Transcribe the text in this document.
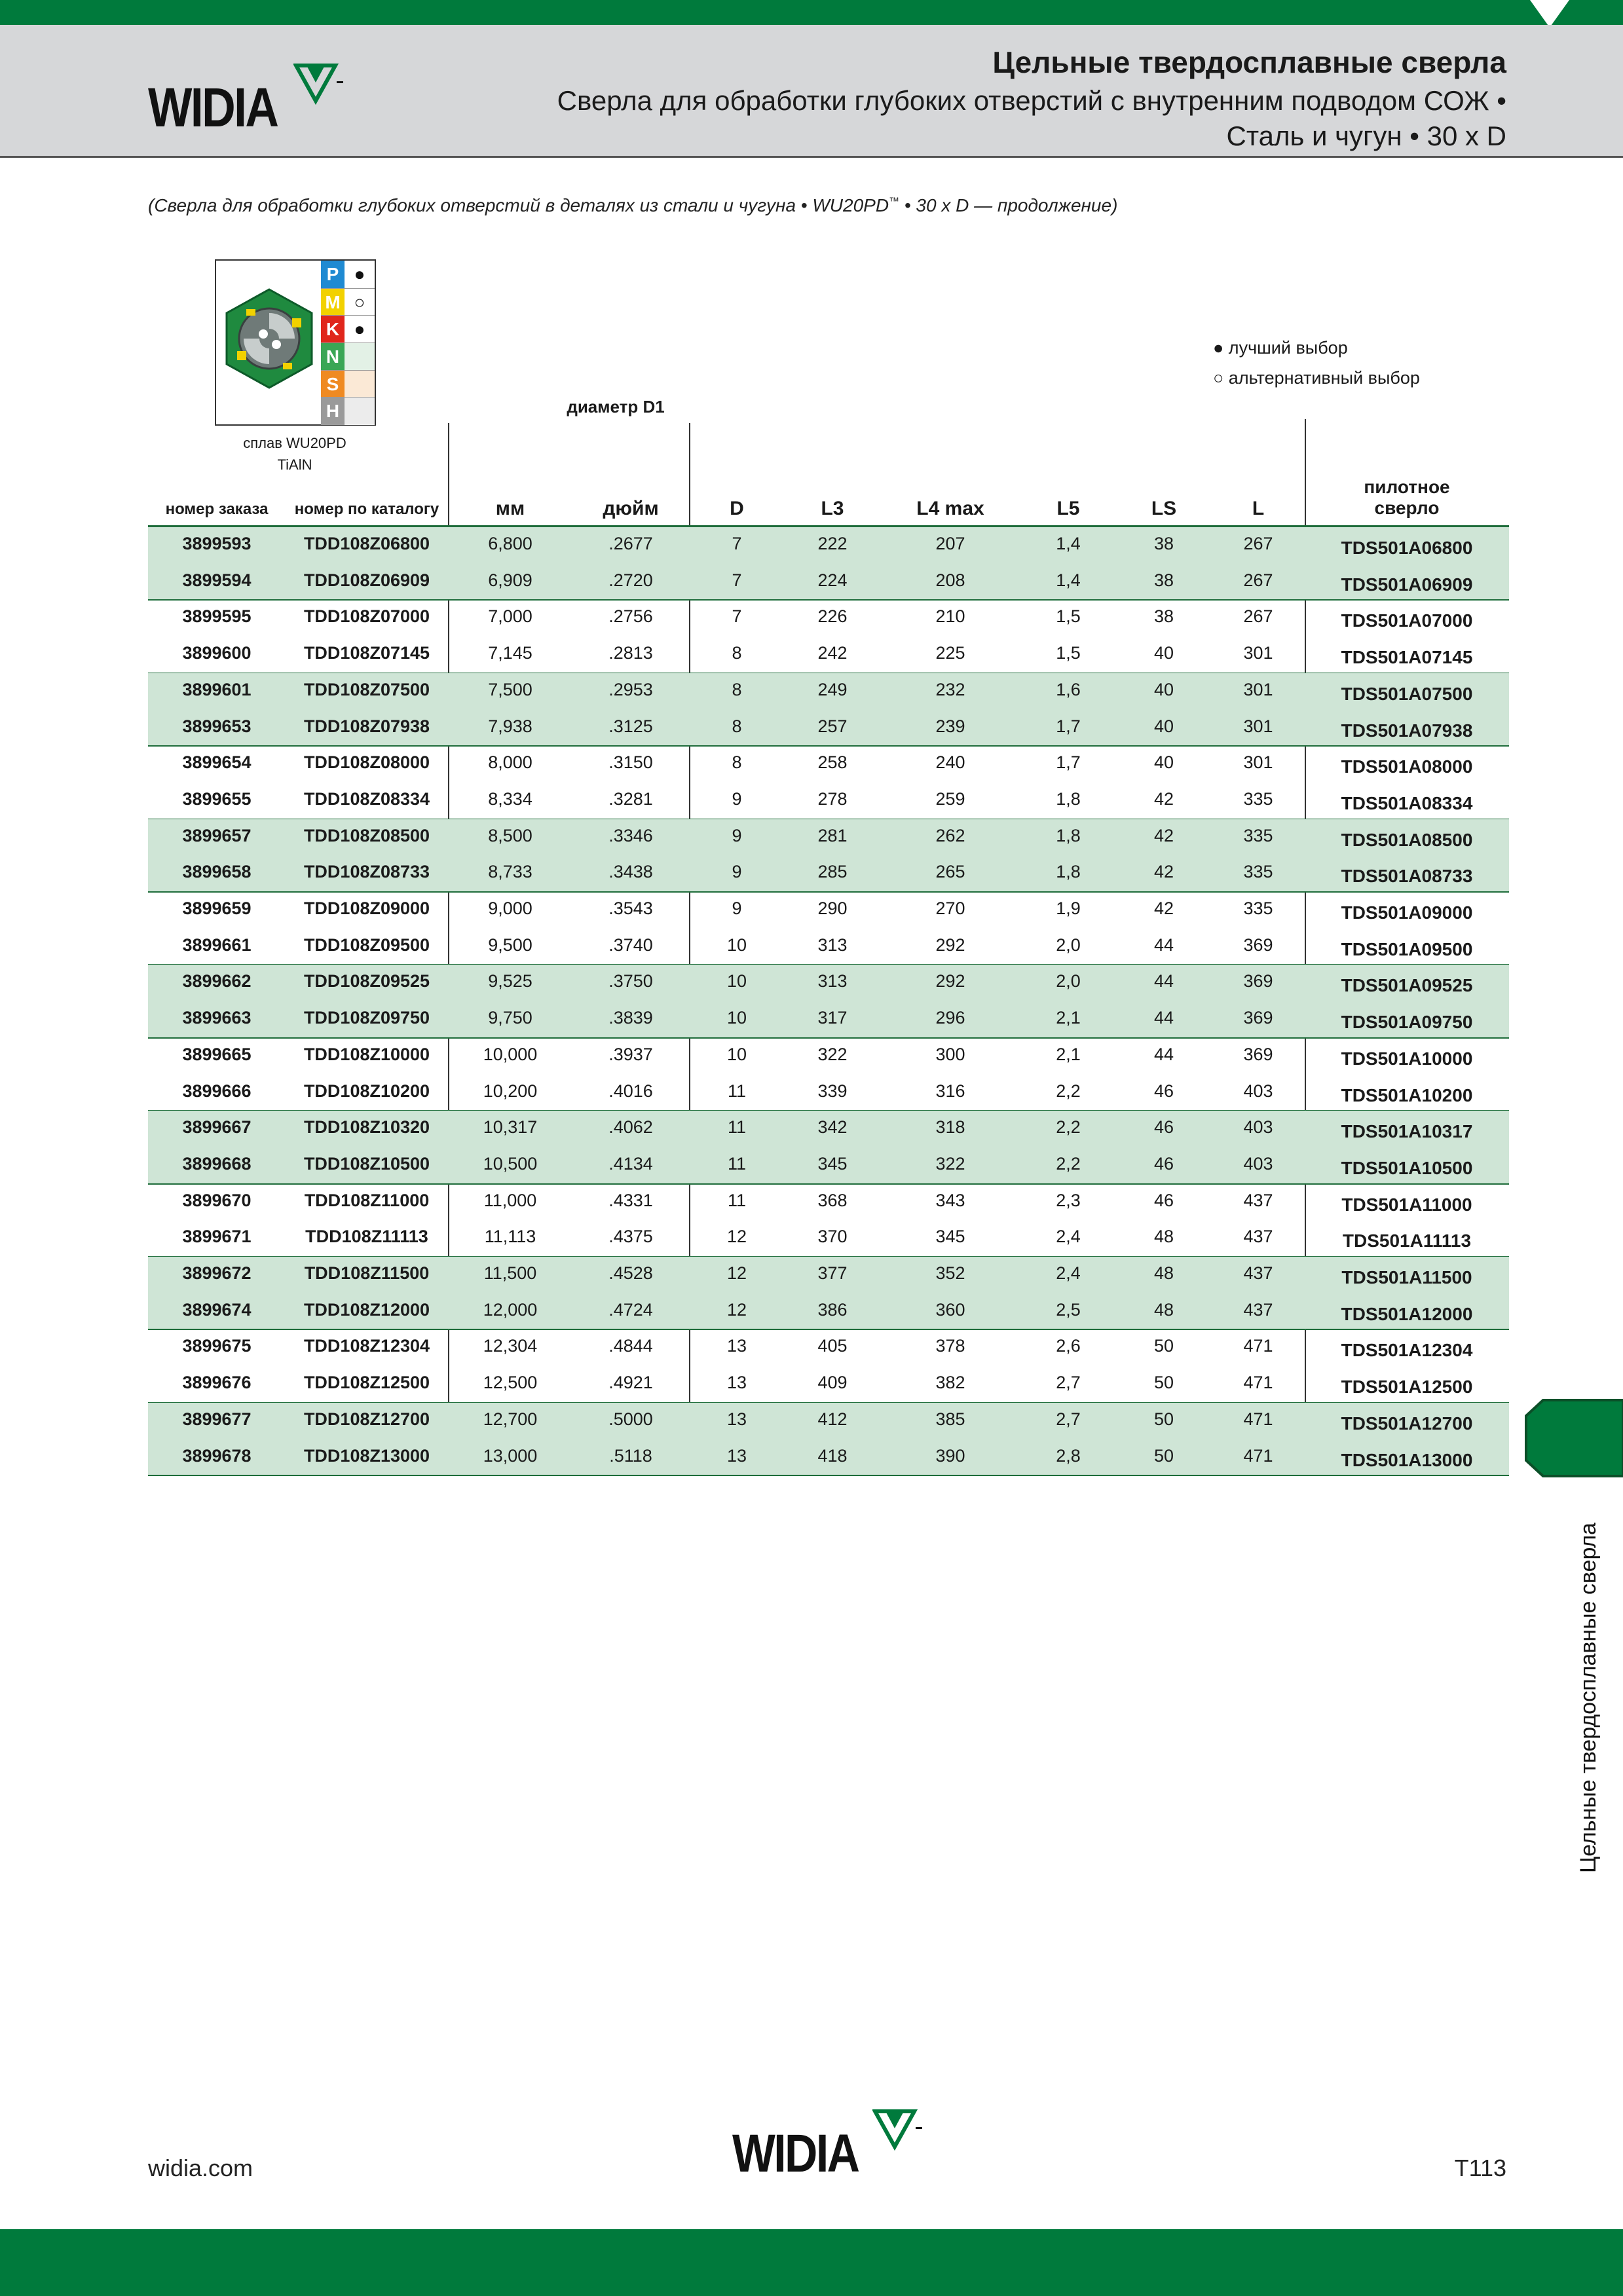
WIDIA
Цельные твердосплавные сверла
Сверла для обработки глубоких отверстий с внутренним подводом СОЖ •
Сталь и чугун • 30 x D
(Сверла для обработки глубоких отверстий в деталях из стали и чугуна • WU20PD™ • 30 x D — продолжение)
P ●
M ○
K ●
N
S
H
сплав WU20PD
TiAlN
● лучший выбор
○ альтернативный выбор
диаметр D1
номер заказа	номер по каталогу	мм	дюйм	D	L3	L4 max	L5	LS	L
пилотное
сверло
3899593	TDD108Z06800	6,800	.2677	7	222	207	1,4	38	267	TDS501A06800
3899594	TDD108Z06909	6,909	.2720	7	224	208	1,4	38	267	TDS501A06909
3899595	TDD108Z07000	7,000	.2756	7	226	210	1,5	38	267	TDS501A07000
3899600	TDD108Z07145	7,145	.2813	8	242	225	1,5	40	301	TDS501A07145
3899601	TDD108Z07500	7,500	.2953	8	249	232	1,6	40	301	TDS501A07500
3899653	TDD108Z07938	7,938	.3125	8	257	239	1,7	40	301	TDS501A07938
3899654	TDD108Z08000	8,000	.3150	8	258	240	1,7	40	301	TDS501A08000
3899655	TDD108Z08334	8,334	.3281	9	278	259	1,8	42	335	TDS501A08334
3899657	TDD108Z08500	8,500	.3346	9	281	262	1,8	42	335	TDS501A08500
3899658	TDD108Z08733	8,733	.3438	9	285	265	1,8	42	335	TDS501A08733
3899659	TDD108Z09000	9,000	.3543	9	290	270	1,9	42	335	TDS501A09000
3899661	TDD108Z09500	9,500	.3740	10	313	292	2,0	44	369	TDS501A09500
3899662	TDD108Z09525	9,525	.3750	10	313	292	2,0	44	369	TDS501A09525
3899663	TDD108Z09750	9,750	.3839	10	317	296	2,1	44	369	TDS501A09750
3899665	TDD108Z10000	10,000	.3937	10	322	300	2,1	44	369	TDS501A10000
3899666	TDD108Z10200	10,200	.4016	11	339	316	2,2	46	403	TDS501A10200
3899667	TDD108Z10320	10,317	.4062	11	342	318	2,2	46	403	TDS501A10317
3899668	TDD108Z10500	10,500	.4134	11	345	322	2,2	46	403	TDS501A10500
3899670	TDD108Z11000	11,000	.4331	11	368	343	2,3	46	437	TDS501A11000
3899671	TDD108Z11113	11,113	.4375	12	370	345	2,4	48	437	TDS501A11113
3899672	TDD108Z11500	11,500	.4528	12	377	352	2,4	48	437	TDS501A11500
3899674	TDD108Z12000	12,000	.4724	12	386	360	2,5	48	437	TDS501A12000
3899675	TDD108Z12304	12,304	.4844	13	405	378	2,6	50	471	TDS501A12304
3899676	TDD108Z12500	12,500	.4921	13	409	382	2,7	50	471	TDS501A12500
3899677	TDD108Z12700	12,700	.5000	13	412	385	2,7	50	471	TDS501A12700
3899678	TDD108Z13000	13,000	.5118	13	418	390	2,8	50	471	TDS501A13000
Цельные твердосплавные сверла
widia.com	WIDIA	T113
